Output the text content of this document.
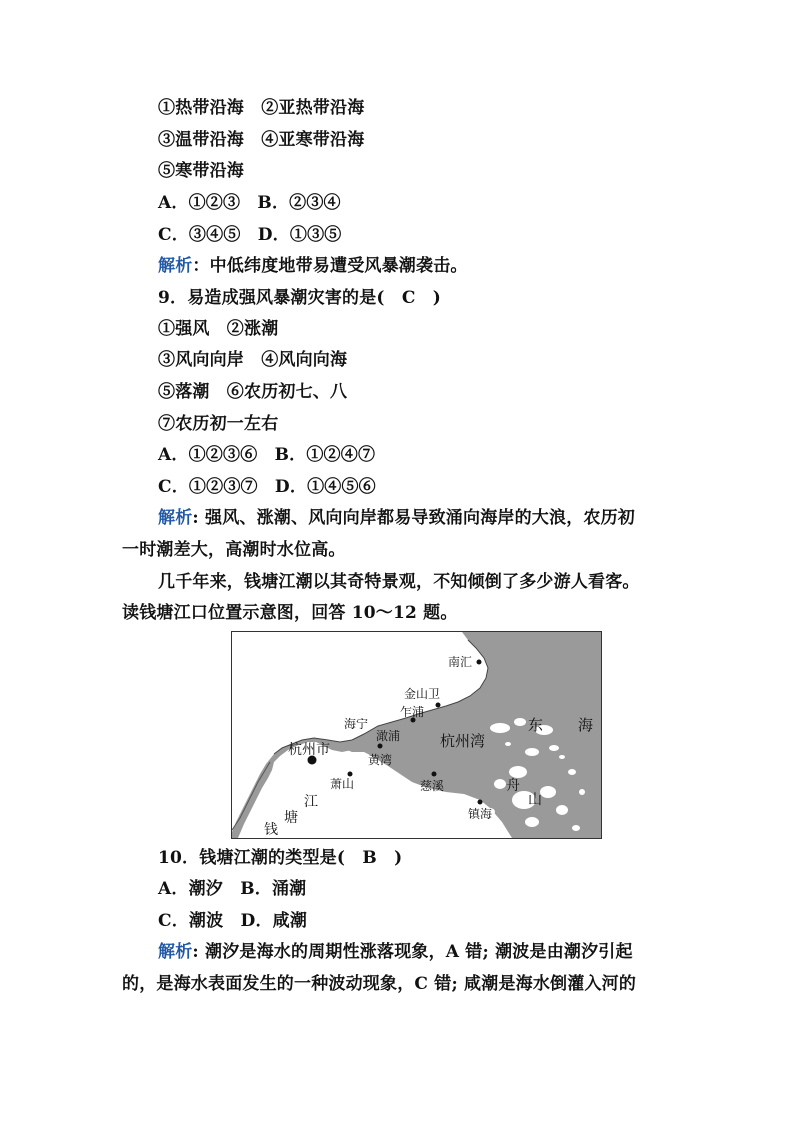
①热带沿海　②亚热带沿海
③温带沿海　④亚寒带沿海
⑤寒带沿海
A．①②③　B．②③④
C．③④⑤　D．①③⑤
解析：中低纬度地带易遭受风暴潮袭击。
9．易造成强风暴潮灾害的是(　C　)
①强风　②涨潮
③风向向岸　④风向向海
⑤落潮　⑥农历初七、八
⑦农历初一左右
A．①②③⑥　B．①②④⑦
C．①②③⑦　D．①④⑤⑥
解析: 强风、涨潮、风向向岸都易导致涌向海岸的大浪，农历初
一时潮差大，高潮时水位高。
几千年来，钱塘江潮以其奇特景观，不知倾倒了多少游人看客。
读钱塘江口位置示意图，回答 10～12 题。
南汇
金山卫
乍浦
海宁
澉浦
杭州市
黄湾
杭州湾
东 海
萧山	慈溪	舟
山
镇海
江
塘
钱
10．钱塘江潮的类型是(　B　)
A．潮汐　B．涌潮
C．潮波　D．咸潮
解析: 潮汐是海水的周期性涨落现象，A 错; 潮波是由潮汐引起
的，是海水表面发生的一种波动现象，C 错; 咸潮是海水倒灌入河的
